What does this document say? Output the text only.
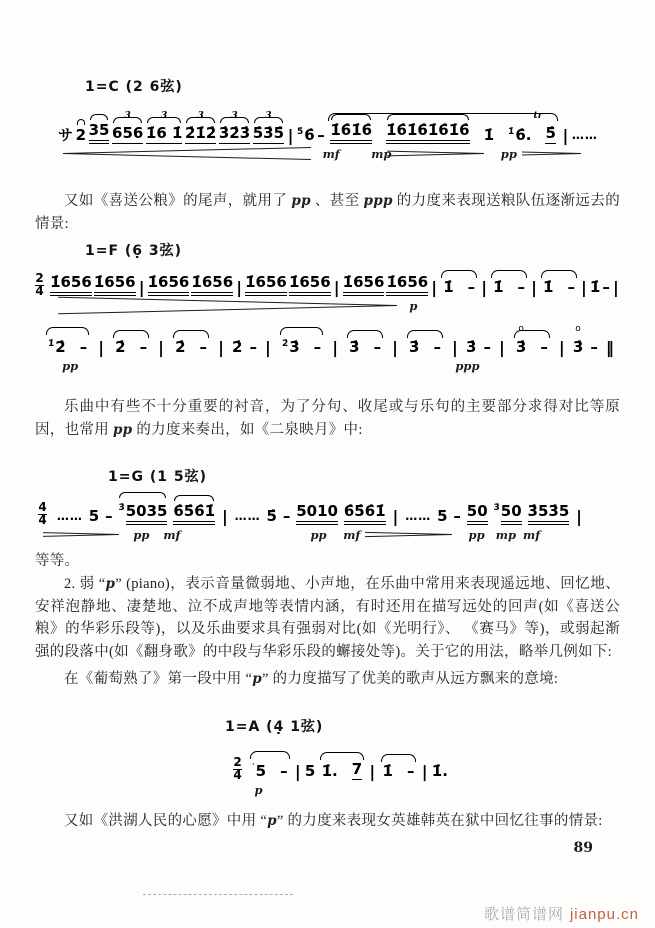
1=C (2 6弦)
サ 2 35 656
3
1̇6 1̇
3
2̇1̇2̇
3
3̇2̇3̇
3
5̇3̇5̇
3
| $^{5̇}$6̇ – 1̇6̇1̇6̇ 1̇6̇1̇6̇1̇6̇1̇6̇ 1̇ $^{1̇}$6̇.
tr
5̇ | ……
mf	mp	pp
又如《喜送公粮》的尾声，就用了 pp 、甚至 ppp 的力度来表现送粮队伍逐渐远去的情景:
1=F (6̣ 3弦)
2
4 1̇656 1̇656 | 1̇656 1̇656 | 1̇656 1̇656 | 1̇656 1̇656 | 1̇ – | 1̇ – | 1̇ – | 1̇ – |
p
$^{1̇}$2̇ – | 2̇ – | 2̇ – | 2̇ – | $^{2̇}$3̇ – | 3̇ – | 3̇ – | 3̇ – | 3̇
o
– | 3̇
o
– ‖
pp	ppp
乐曲中有些不十分重要的衬音，为了分句、收尾或与乐句的主要部分求得对比等原因，也常用 pp 的力度来奏出，如《二泉映月》中:
1=G (1 5弦)
4
4 …… 5 – $^{3̇}$5035 6̇5̇6̇1̇ | …… 5̇ – 5010 6̇5̇6̇1̇ | …… 5 – 50 $^{3̇}$50 3̇53̇5 |
pp mf	pp mf	pp mp mf
等等。
2. 弱 “p” (piano)，表示音量微弱地、小声地，在乐曲中常用来表现遥远地、回忆地、安祥泡静地、凄楚地、泣不成声地等表情内涵，有时还用在描写远处的回声(如《喜送公粮》的华彩乐段等)，以及乐曲要求具有强弱对比(如《光明行》、 《赛马》等)，或弱起渐强的段落中(如《翻身歌》的中段与华彩乐段的蠏接处等)。关于它的用法，略举几例如下:
在《葡萄熟了》第一段中用 “p” 的力度描写了优美的歌声从远方飘来的意境:
1=A (4̣ 1弦)
2
4 ′5 – | 5 1̇. 7 | 1̇ – | 1̇.
p
又如《洪湖人民的心愿》中用 “p” 的力度来表现女英雄韩英在狱中回忆往事的情景:
89
歌谱简谱网 jianpu.cn
